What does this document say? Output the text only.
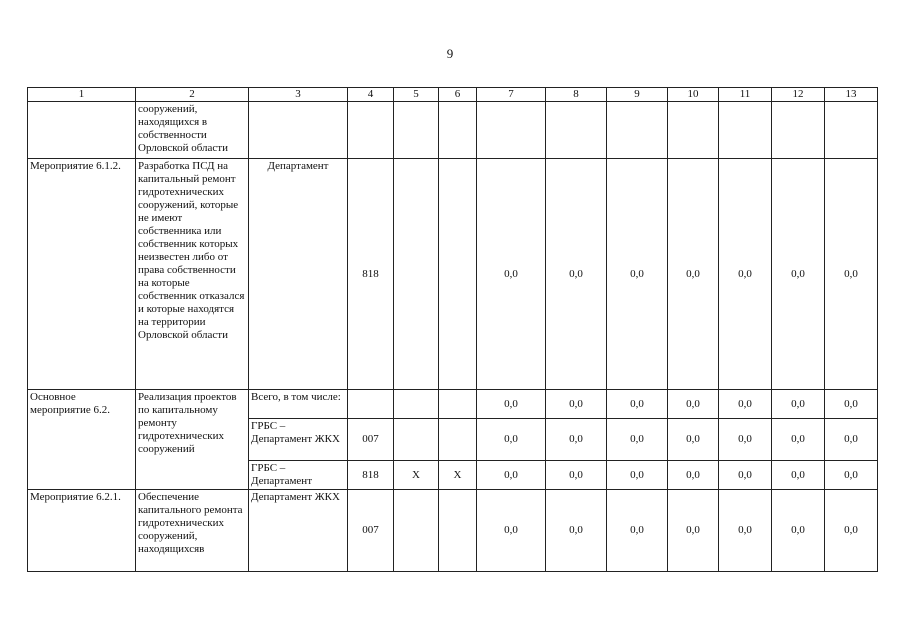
9
1	2	3	4	5	6	7	8	9	10	11	12	13
	сооружений, находящихся в собственности Орловской области											
Мероприятие 6.1.2.	Разработка ПСД на капитальный ремонт гидротехнических сооружений, которые не имеют собственника или собственник которых неизвестен либо от права собственности на которые собственник отказался и которые находятся на территории Орловской области	Департамент	818			0,0	0,0	0,0	0,0	0,0	0,0	0,0
Основное мероприятие 6.2.	Реализация проектов по капитальному ремонту гидротехнических сооружений	Всего, в том числе:				0,0	0,0	0,0	0,0	0,0	0,0	0,0
		ГРБС – Департамент ЖКХ	007			0,0	0,0	0,0	0,0	0,0	0,0	0,0
		ГРБС – Департамент	818	X	X	0,0	0,0	0,0	0,0	0,0	0,0	0,0
Мероприятие 6.2.1.	Обеспечение капитального ремонта гидротехнических сооружений, находящихсяв	Департамент ЖКХ	007			0,0	0,0	0,0	0,0	0,0	0,0	0,0
